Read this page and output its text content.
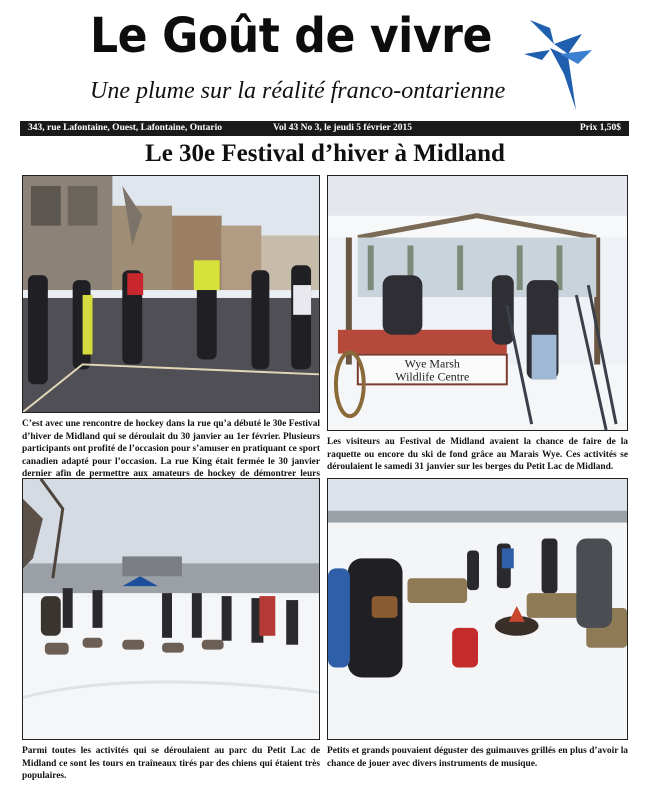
Le Goût de vivre
Une plume sur la réalité franco-ontarienne
343, rue Lafontaine, Ouest, Lafontaine, Ontario	Vol 43 No 3, le jeudi 5 février 2015	Prix 1,50$
Le 30e Festival d’hiver à Midland
C’est avec une rencontre de hockey dans la rue qu’a débuté le 30e Festival d’hiver de Midland qui se déroulait du 30 janvier au 1er février. Plusieurs participants ont profité de l’occasion pour s’amuser en pratiquant ce sport canadien adapté pour l’occasion. La rue King était fermée le 30 janvier dernier afin de permettre aux amateurs de hockey de démontrer leurs
Wye Marsh
Wildlife Centre
Les visiteurs au Festival de Midland avaient la chance de faire de la raquette ou encore du ski de fond grâce au Marais Wye. Ces activités se déroulaient le samedi 31 janvier sur les berges du Petit Lac de Midland.
Parmi toutes les activités qui se déroulaient au parc du Petit Lac de Midland ce sont les tours en traîneaux tirés par des chiens qui étaient très populaires.
Petits et grands pouvaient déguster des guimauves grillés en plus d’avoir la chance de jouer avec divers instruments de musique.
